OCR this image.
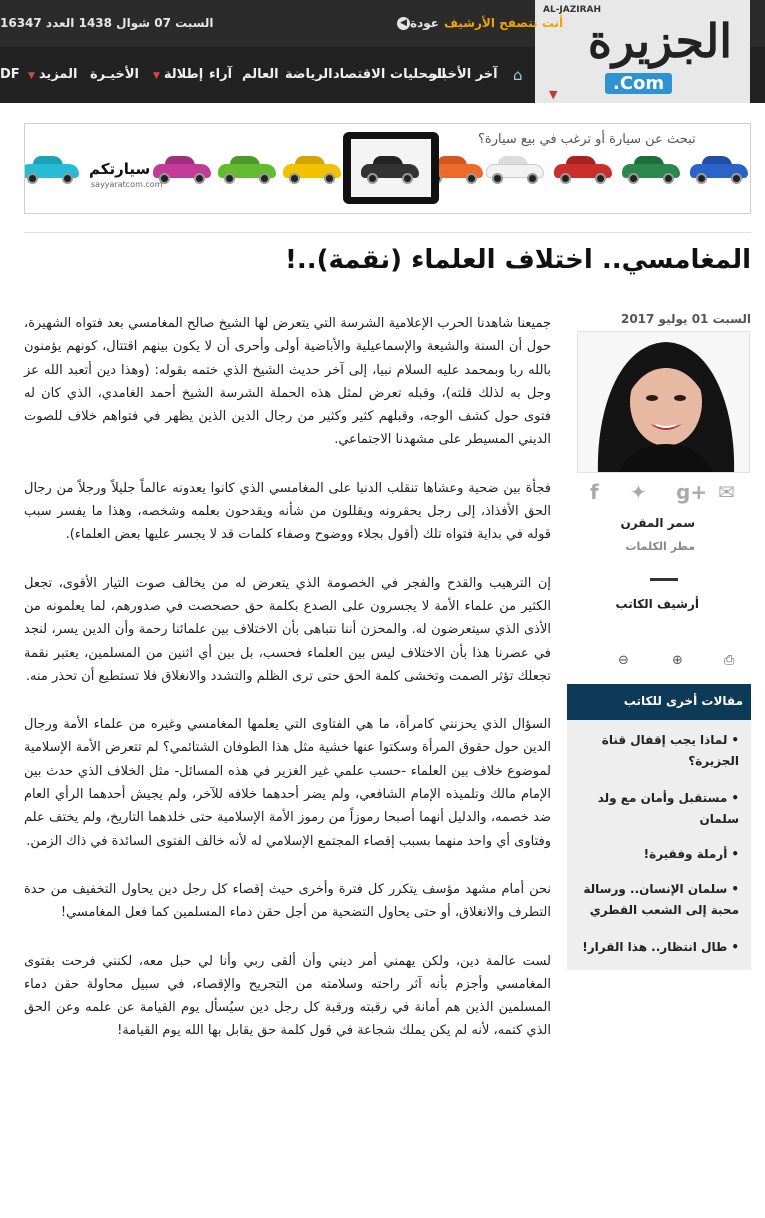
AL-JAZIRAH
الجزيرة
.Com
▼
أنت تتصفح الأرشيف
عودة◀
السبت 07 شوال 1438 العدد 16347
⌂
آخر الأخبار
المحليات
الاقتصاد
الرياضة
العالم
آراء
إطلالة▼
الأخيـرة
المزيد▼
DF
تبحث عن سيارة أو ترغب في بيع سيارة؟
سيارتكم
sayyaratcom.com
المغامسي.. اختلاف العلماء (نقمة)..!

جميعنا شاهدنا الحرب الإعلامية الشرسة التي يتعرض لها الشيخ صالح المغامسي بعد فتواه الشهيرة، حول أن السنة والشيعة والإسماعيلية والأباضية أولى وأحرى أن لا يكون بينهم اقتتال، كونهم يؤمنون بالله ربا وبمحمد عليه السلام نبيا، إلى آخر حديث الشيخ الذي ختمه بقوله: (وهذا دين أتعبد الله عز وجل به لذلك قلته)، وقبله تعرض لمثل هذه الحملة الشرسة الشيخ أحمد الغامدي، الذي كان له فتوى حول كشف الوجه، وقبلهم كثير وكثير من رجال الدين الذين يظهر في فتواهم خلاف للصوت الديني المسيطر على مشهدنا الاجتماعي.

فجأة بين ضحية وعشاها تنقلب الدنيا على المغامسي الذي كانوا يعدونه عالماً جليلاً ورجلاً من رجال الحق الأفذاذ، إلى رجل يحقرونه ويقللون من شأنه ويقدحون بعلمه وشخصه، وهذا ما يفسر سبب قوله في بداية فتواه تلك (أقول بجلاء ووضوح وصفاء كلمات قد لا يجسر عليها بعض العلماء).

إن الترهيب والقدح والفجر في الخصومة الذي يتعرض له من يخالف صوت التيار الأقوى، تجعل الكثير من علماء الأمة لا يجسرون على الصدع بكلمة حق حصحصت في صدورهم، لما يعلمونه من الأذى الذي سيتعرضون له. والمحزن أننا نتباهى بأن الاختلاف بين علمائنا رحمة وأن الدين يسر، لنجد في عصرنا هذا بأن الاختلاف ليس بين العلماء فحسب، بل بين أي اثنين من المسلمين، يعتبر نقمة تجعلك تؤثر الصمت وتخشى كلمة الحق حتى ترى الظلم والتشدد والانغلاق فلا تستطيع أن تحذر منه.

السؤال الذي يحزنني كامرأة، ما هي الفتاوى التي يعلمها المغامسي وغيره من علماء الأمة ورجال الدين حول حقوق المرأة وسكتوا عنها خشية مثل هذا الطوفان الشتائمي؟ لم تتعرض الأمة الإسلامية لموضوع خلاف بين العلماء -حسب علمي غير الغزير في هذه المسائل- مثل الخلاف الذي حدث بين الإمام مالك وتلميذه الإمام الشافعي، ولم يضر أحدهما خلافه للآخر، ولم يجيش أحدهما الرأي العام ضد خصمه، والدليل أنهما أصبحا رموزاً من رموز الأمة الإسلامية حتى خلدهما التاريخ، ولم يختف علم وفتاوى أي واحد منهما بسبب إقصاء المجتمع الإسلامي له لأنه خالف الفتوى السائدة في ذاك الزمن.

نحن أمام مشهد مؤسف يتكرر كل فترة وأخرى حيث إقصاء كل رجل دين يحاول التخفيف من حدة التطرف والانغلاق، أو حتى يحاول التضحية من أجل حقن دماء المسلمين كما فعل المغامسي!

لست عالمة دين، ولكن يهمني أمر ديني وأن ألقى ربي وأنا لي حبل معه، لكنني فرحت بفتوى المغامسي وأجزم بأنه آثر راحته وسلامته من التجريح والإقصاء، في سبيل محاولة حقن دماء المسلمين الذين هم أمانة في رقبته ورقبة كل رجل دين سيُسأل يوم القيامة عن علمه وعن الحق الذي كتمه، لأنه لم يكن يملك شجاعة في قول كلمة حق يقابل بها الله يوم القيامة!

السبت 01 يوليو 2017
f ✦ g+ ✉
سمر المقرن
مطر الكلمات
أرشيف الكاتب
⊖	⊕	⎙
مقالات أخرى للكاتب
•لماذا يجب إقفال قناة الجزيرة؟
•مستقبل وأمان مع ولد سلمان
•أرملة وفقيرة!
•سلمان الإنسان.. ورسالة محبة إلى الشعب القطري
•طال انتظار.. هذا القرار!
